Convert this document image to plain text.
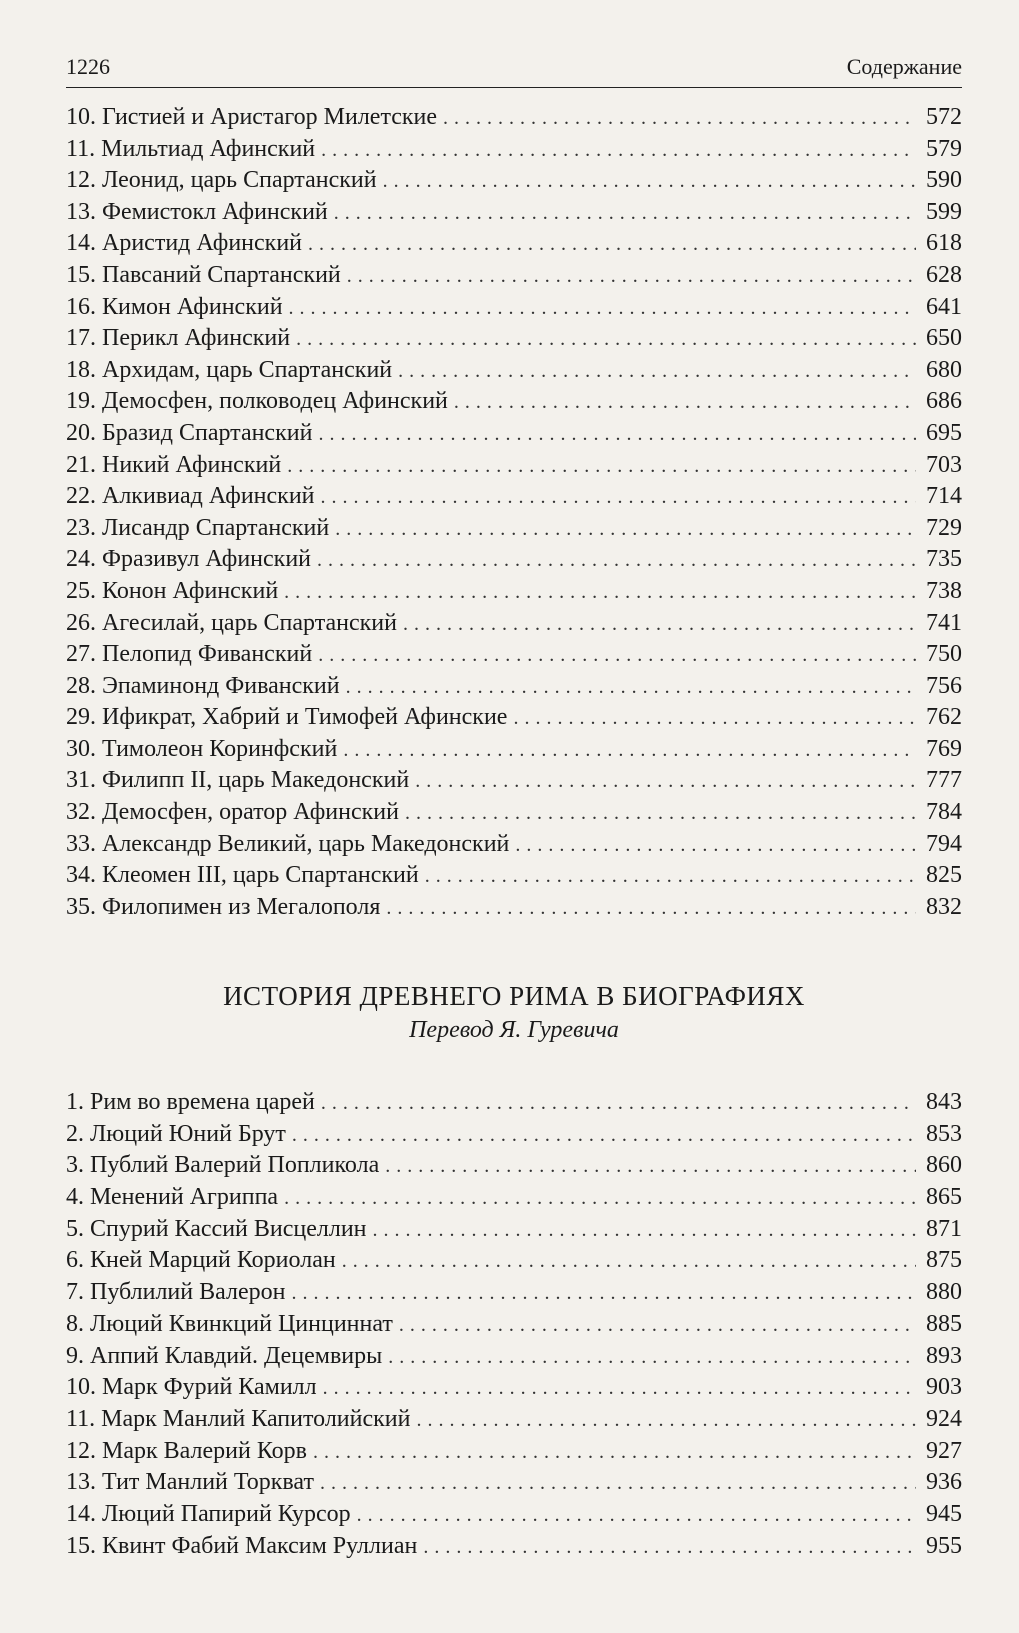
1226	Содержание
10. Гистией и Аристагор Милетские . . .	572
11. Мильтиад Афинский . . .	579
12. Леонид, царь Спартанский . . .	590
13. Фемистокл Афинский . . .	599
14. Аристид Афинский . . .	618
15. Павсаний Спартанский . . .	628
16. Кимон Афинский . . .	641
17. Перикл Афинский . . .	650
18. Архидам, царь Спартанский . . .	680
19. Демосфен, полководец Афинский . . .	686
20. Бразид Спартанский . . .	695
21. Никий Афинский . . .	703
22. Алкивиад Афинский . . .	714
23. Лисандр Спартанский . . .	729
24. Фразивул Афинский . . .	735
25. Конон Афинский . . .	738
26. Агесилай, царь Спартанский . . .	741
27. Пелопид Фиванский . . .	750
28. Эпаминонд Фиванский . . .	756
29. Ификрат, Хабрий и Тимофей Афинские . . .	762
30. Тимолеон Коринфский . . .	769
31. Филипп II, царь Македонский . . .	777
32. Демосфен, оратор Афинский . . .	784
33. Александр Великий, царь Македонский . . .	794
34. Клеомен III, царь Спартанский . . .	825
35. Филопимен из Мегалополя . . .	832
ИСТОРИЯ ДРЕВНЕГО РИМА В БИОГРАФИЯХ

Перевод Я. Гуревича

1. Рим во времена царей . . .	843
2. Люций Юний Брут . . .	853
3. Публий Валерий Попликола . . .	860
4. Менений Агриппа . . .	865
5. Спурий Кассий Висцеллин . . .	871
6. Кней Марций Кориолан . . .	875
7. Публилий Валерон . . .	880
8. Люций Квинкций Цинциннат . . .	885
9. Аппий Клавдий. Децемвиры . . .	893
10. Марк Фурий Камилл . . .	903
11. Марк Манлий Капитолийский . . .	924
12. Марк Валерий Корв . . .	927
13. Тит Манлий Торкват . . .	936
14. Люций Папирий Курсор . . .	945
15. Квинт Фабий Максим Руллиан . . .	955
